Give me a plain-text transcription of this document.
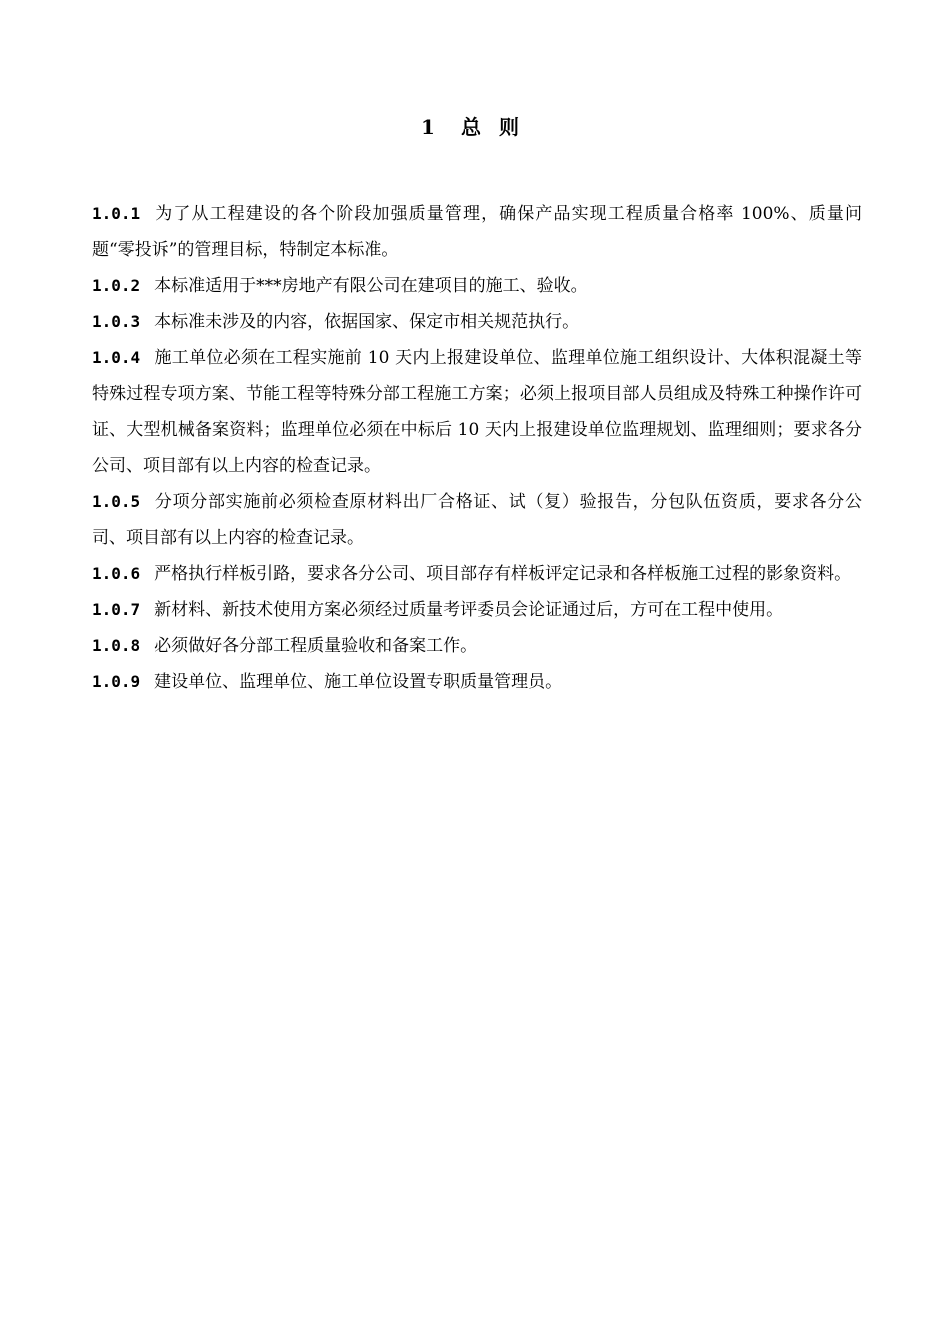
1 总 则

1.0.1 为了从工程建设的各个阶段加强质量管理，确保产品实现工程质量合格率 100%、质量问题“零投诉”的管理目标，特制定本标准。

1.0.2 本标准适用于***房地产有限公司在建项目的施工、验收。

1.0.3 本标准未涉及的内容，依据国家、保定市相关规范执行。

1.0.4 施工单位必须在工程实施前 10 天内上报建设单位、监理单位施工组织设计、大体积混凝土等特殊过程专项方案、节能工程等特殊分部工程施工方案；必须上报项目部人员组成及特殊工种操作许可证、大型机械备案资料；监理单位必须在中标后 10 天内上报建设单位监理规划、监理细则；要求各分公司、项目部有以上内容的检查记录。

1.0.5 分项分部实施前必须检查原材料出厂合格证、试（复）验报告，分包队伍资质，要求各分公司、项目部有以上内容的检查记录。

1.0.6 严格执行样板引路，要求各分公司、项目部存有样板评定记录和各样板施工过程的影象资料。

1.0.7 新材料、新技术使用方案必须经过质量考评委员会论证通过后，方可在工程中使用。

1.0.8 必须做好各分部工程质量验收和备案工作。

1.0.9 建设单位、监理单位、施工单位设置专职质量管理员。
